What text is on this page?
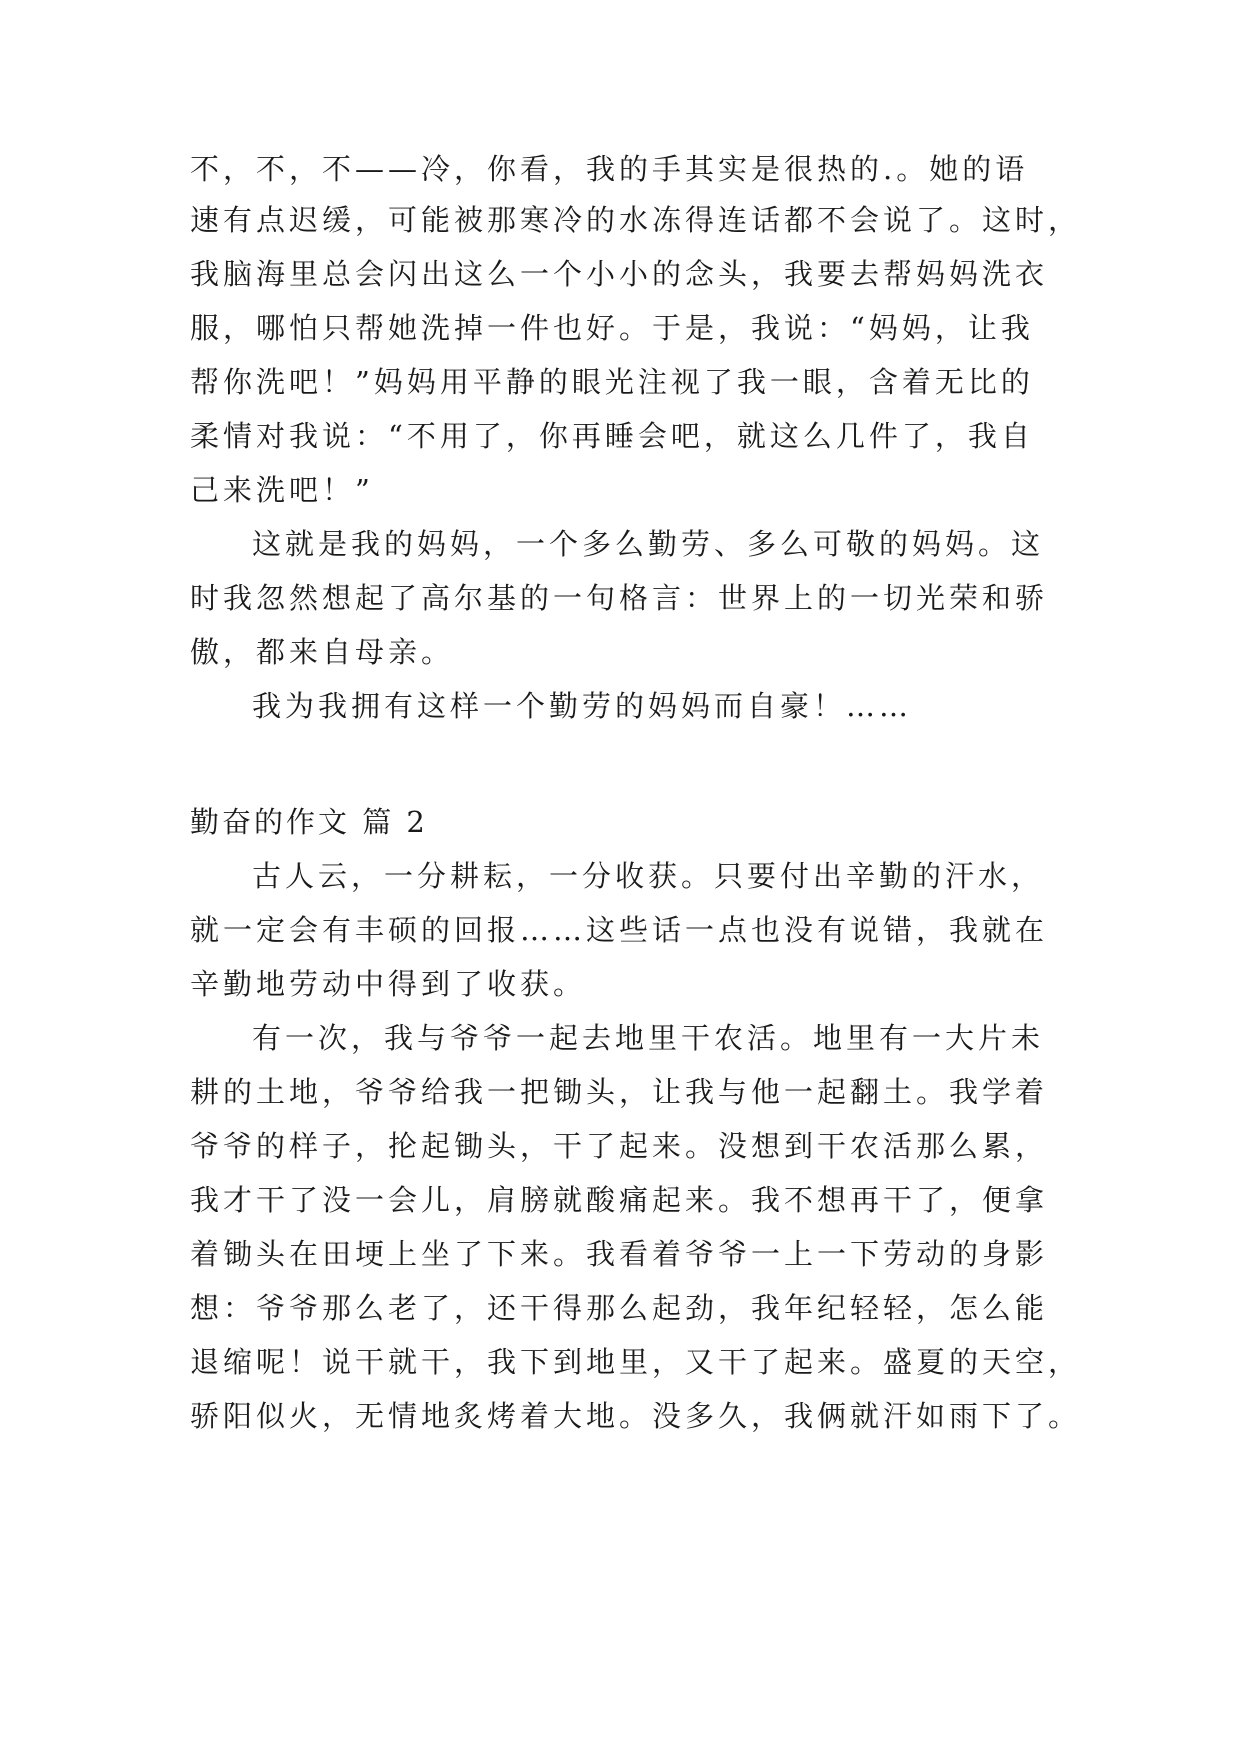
不，不，不——冷，你看，我的手其实是很热的.。她的语
速有点迟缓，可能被那寒冷的水冻得连话都不会说了。这时，
我脑海里总会闪出这么一个小小的念头，我要去帮妈妈洗衣
服，哪怕只帮她洗掉一件也好。于是，我说：“妈妈，让我
帮你洗吧！”妈妈用平静的眼光注视了我一眼，含着无比的
柔情对我说：“不用了，你再睡会吧，就这么几件了，我自
己来洗吧！”
这就是我的妈妈，一个多么勤劳、多么可敬的妈妈。这
时我忽然想起了高尔基的一句格言：世界上的一切光荣和骄
傲，都来自母亲。
我为我拥有这样一个勤劳的妈妈而自豪！……
勤奋的作文 篇 2
古人云，一分耕耘，一分收获。只要付出辛勤的汗水，
就一定会有丰硕的回报……这些话一点也没有说错，我就在
辛勤地劳动中得到了收获。
有一次，我与爷爷一起去地里干农活。地里有一大片未
耕的土地，爷爷给我一把锄头，让我与他一起翻土。我学着
爷爷的样子，抡起锄头，干了起来。没想到干农活那么累，
我才干了没一会儿，肩膀就酸痛起来。我不想再干了，便拿
着锄头在田埂上坐了下来。我看着爷爷一上一下劳动的身影
想：爷爷那么老了，还干得那么起劲，我年纪轻轻，怎么能
退缩呢！说干就干，我下到地里，又干了起来。盛夏的天空，
骄阳似火，无情地炙烤着大地。没多久，我俩就汗如雨下了。
